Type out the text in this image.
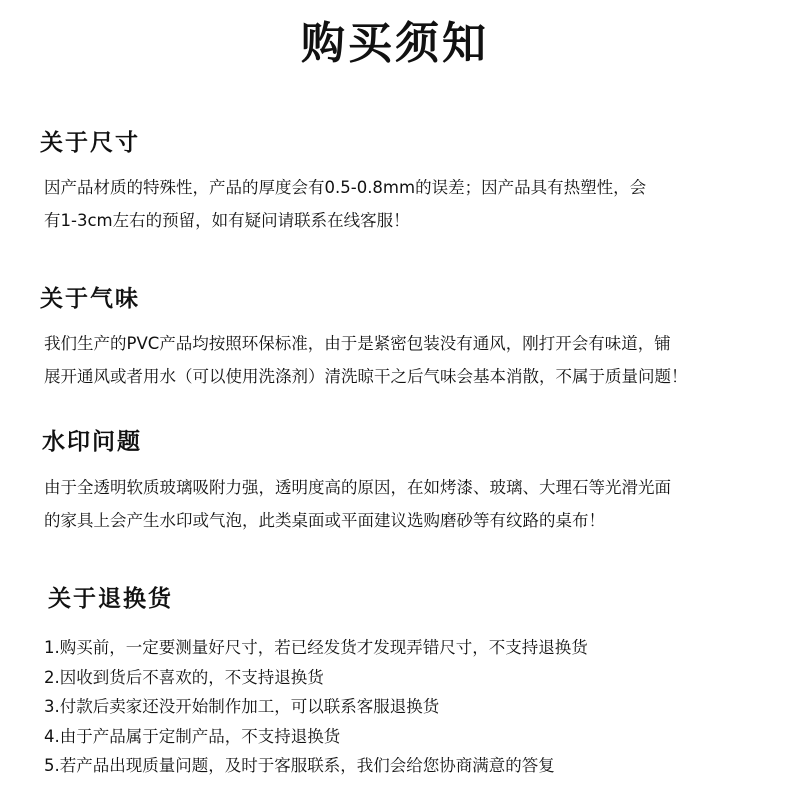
购买须知
关于尺寸
因产品材质的特殊性，产品的厚度会有0.5-0.8mm的误差；因产品具有热塑性，会
有1-3cm左右的预留，如有疑问请联系在线客服！
关于气味
我们生产的PVC产品均按照环保标准，由于是紧密包装没有通风，刚打开会有味道，铺
展开通风或者用水（可以使用洗涤剂）清洗晾干之后气味会基本消散，不属于质量问题！
水印问题
由于全透明软质玻璃吸附力强，透明度高的原因，在如烤漆、玻璃、大理石等光滑光面
的家具上会产生水印或气泡，此类桌面或平面建议选购磨砂等有纹路的桌布！
关于退换货
1.购买前，一定要测量好尺寸，若已经发货才发现弄错尺寸，不支持退换货
2.因收到货后不喜欢的，不支持退换货
3.付款后卖家还没开始制作加工，可以联系客服退换货
4.由于产品属于定制产品，不支持退换货
5.若产品出现质量问题，及时于客服联系，我们会给您协商满意的答复
